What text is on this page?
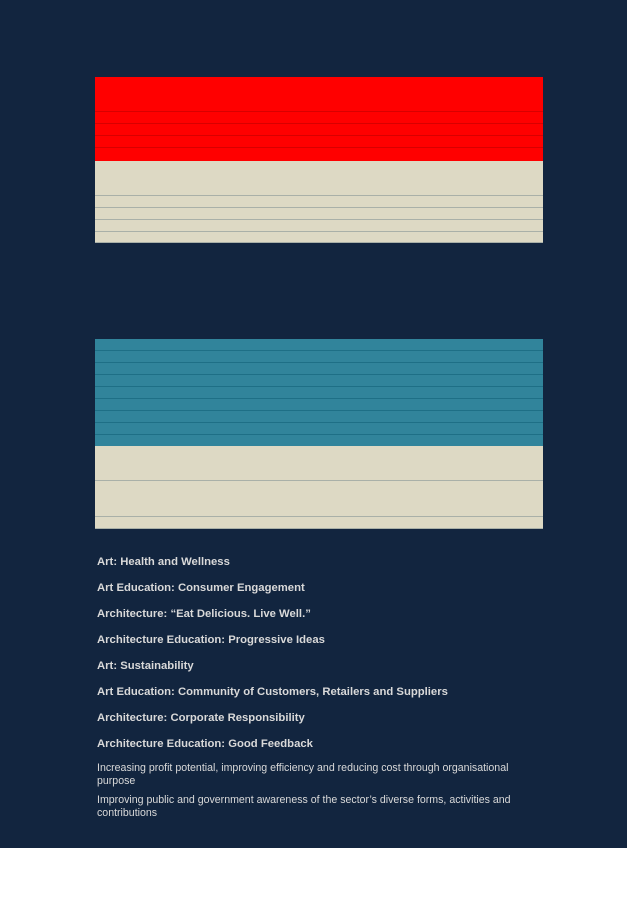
Art: Health and Wellness
Art Education: Consumer Engagement
Architecture: “Eat Delicious. Live Well.”
Architecture Education: Progressive Ideas
Art: Sustainability
Art Education: Community of Customers, Retailers and Suppliers
Architecture: Corporate Responsibility
Architecture Education: Good Feedback

Increasing profit potential, improving efficiency and reducing cost through organisational purpose

Improving public and government awareness of the sector’s diverse forms, activities and contributions
